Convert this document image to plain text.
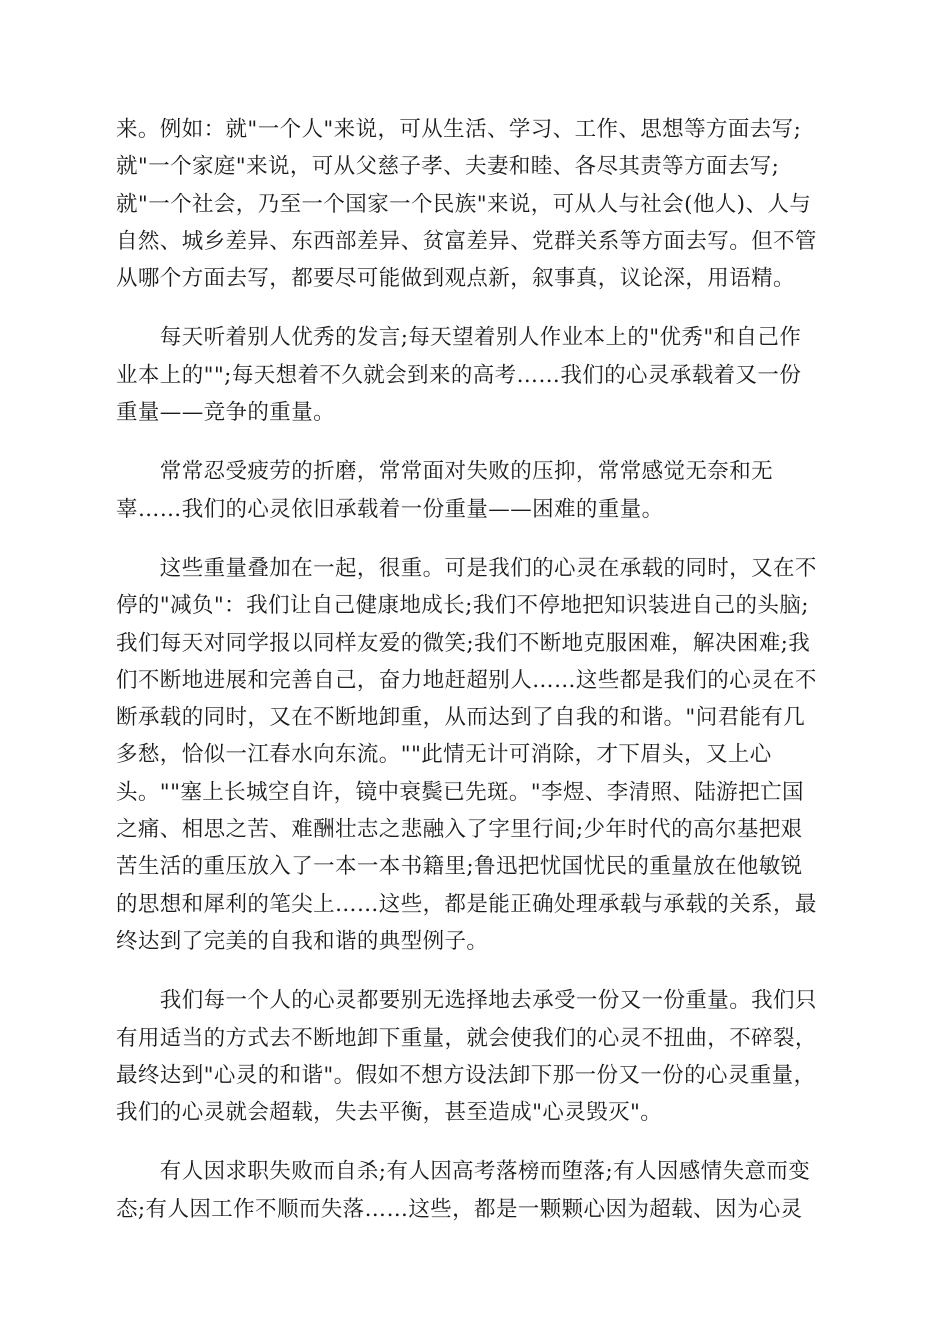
来。例如：就"一个人"来说，可从生活、学习、工作、思想等方面去写;
就"一个家庭"来说，可从父慈子孝、夫妻和睦、各尽其责等方面去写;
就"一个社会，乃至一个国家一个民族"来说，可从人与社会(他人)、人与
自然、城乡差异、东西部差异、贫富差异、党群关系等方面去写。但不管
从哪个方面去写，都要尽可能做到观点新，叙事真，议论深，用语精。
　　每天听着别人优秀的发言;每天望着别人作业本上的"优秀"和自己作
业本上的"";每天想着不久就会到来的高考……我们的心灵承载着又一份
重量——竞争的重量。
　　常常忍受疲劳的折磨，常常面对失败的压抑，常常感觉无奈和无
辜……我们的心灵依旧承载着一份重量——困难的重量。
　　这些重量叠加在一起，很重。可是我们的心灵在承载的同时，又在不
停的"减负"：我们让自己健康地成长;我们不停地把知识装进自己的头脑;
我们每天对同学报以同样友爱的微笑;我们不断地克服困难，解决困难;我
们不断地进展和完善自己，奋力地赶超别人……这些都是我们的心灵在不
断承载的同时，又在不断地卸重，从而达到了自我的和谐。"问君能有几
多愁，恰似一江春水向东流。""此情无计可消除，才下眉头，又上心
头。""塞上长城空自许，镜中衰鬓已先斑。"李煜、李清照、陆游把亡国
之痛、相思之苦、难酬壮志之悲融入了字里行间;少年时代的高尔基把艰
苦生活的重压放入了一本一本书籍里;鲁迅把忧国忧民的重量放在他敏锐
的思想和犀利的笔尖上……这些，都是能正确处理承载与承载的关系，最
终达到了完美的自我和谐的典型例子。
　　我们每一个人的心灵都要别无选择地去承受一份又一份重量。我们只
有用适当的方式去不断地卸下重量，就会使我们的心灵不扭曲，不碎裂，
最终达到"心灵的和谐"。假如不想方设法卸下那一份又一份的心灵重量，
我们的心灵就会超载，失去平衡，甚至造成"心灵毁灭"。
　　有人因求职失败而自杀;有人因高考落榜而堕落;有人因感情失意而变
态;有人因工作不顺而失落……这些，都是一颗颗心因为超载、因为心灵
